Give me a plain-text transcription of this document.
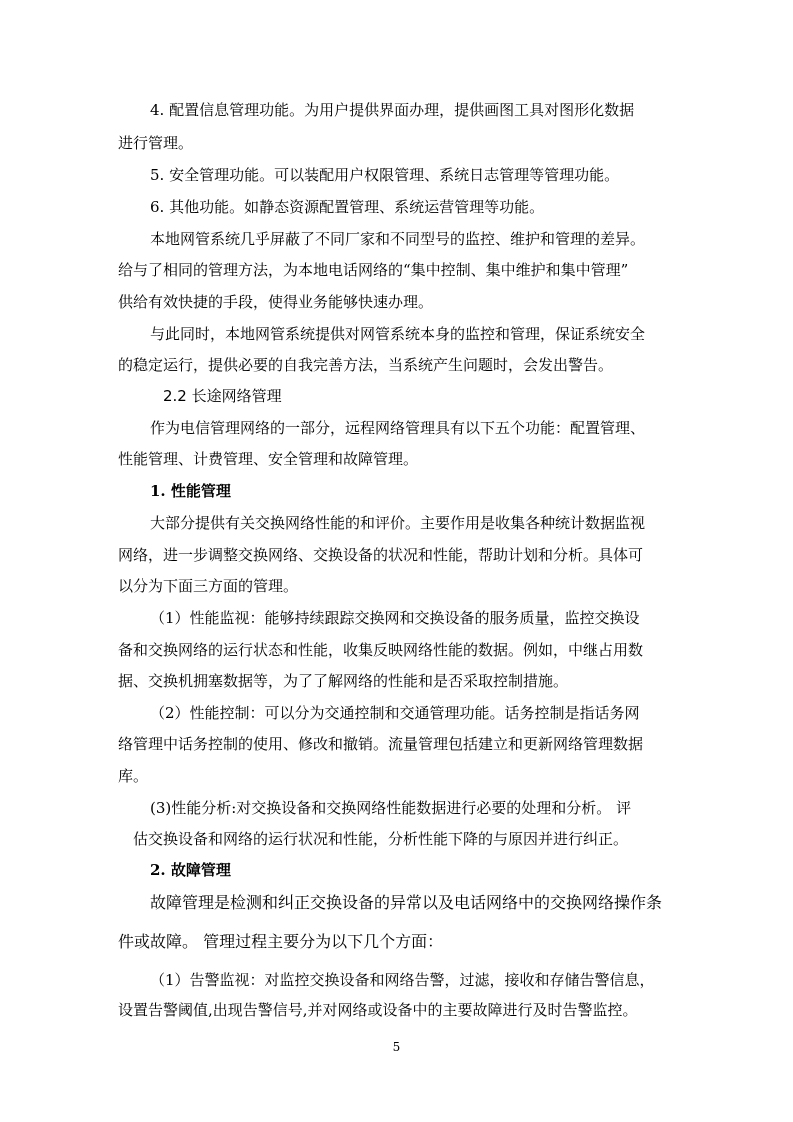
4. 配置信息管理功能。为用户提供界面办理，提供画图工具对图形化数据
进行管理。
5. 安全管理功能。可以装配用户权限管理、系统日志管理等管理功能。
6. 其他功能。如静态资源配置管理、系统运营管理等功能。
本地网管系统几乎屏蔽了不同厂家和不同型号的监控、维护和管理的差异。
给与了相同的管理方法，为本地电话网络的“集中控制、集中维护和集中管理”
供给有效快捷的手段，使得业务能够快速办理。
与此同时，本地网管系统提供对网管系统本身的监控和管理，保证系统安全
的稳定运行，提供必要的自我完善方法，当系统产生问题时，会发出警告。
2.2 长途网络管理
作为电信管理网络的一部分，远程网络管理具有以下五个功能：配置管理、
性能管理、计费管理、安全管理和故障管理。
1. 性能管理
大部分提供有关交换网络性能的和评价。主要作用是收集各种统计数据监视
网络，进一步调整交换网络、交换设备的状况和性能，帮助计划和分析。具体可
以分为下面三方面的管理。
（1）性能监视：能够持续跟踪交换网和交换设备的服务质量，监控交换设
备和交换网络的运行状态和性能，收集反映网络性能的数据。例如，中继占用数
据、交换机拥塞数据等，为了了解网络的性能和是否采取控制措施。
（2）性能控制：可以分为交通控制和交通管理功能。话务控制是指话务网
络管理中话务控制的使用、修改和撤销。流量管理包括建立和更新网络管理数据
库。
(3)性能分析:对交换设备和交换网络性能数据进行必要的处理和分析。 评
估交换设备和网络的运行状况和性能，分析性能下降的与原因并进行纠正。
2. 故障管理
故障管理是检测和纠正交换设备的异常以及电话网络中的交换网络操作条
件或故障。 管理过程主要分为以下几个方面：
（1）告警监视：对监控交换设备和网络告警，过滤，接收和存储告警信息，
设置告警阈值,出现告警信号,并对网络或设备中的主要故障进行及时告警监控。
5
